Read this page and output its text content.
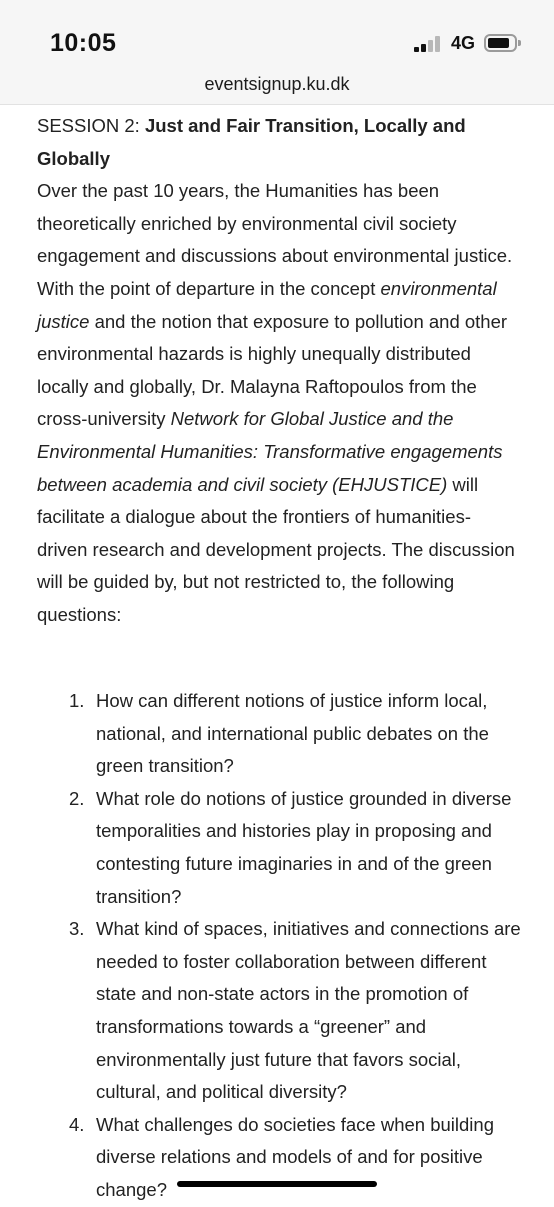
10:05	4G
eventsignup.ku.dk

SESSION 2: Just and Fair Transition, Locally and Globally

Over the past 10 years, the Humanities has been theoretically enriched by environmental civil society engagement and discussions about environmental justice. With the point of departure in the concept environmental justice and the notion that exposure to pollution and other environmental hazards is highly unequally distributed locally and globally, Dr. Malayna Raftopoulos from the cross-university Network for Global Justice and the Environmental Humanities: Transformative engagements between academia and civil society (EHJUSTICE) will facilitate a dialogue about the frontiers of humanities-driven research and development projects. The discussion will be guided by, but not restricted to, the following questions:

1. How can different notions of justice inform local, national, and international public debates on the green transition?
2. What role do notions of justice grounded in diverse temporalities and histories play in proposing and contesting future imaginaries in and of the green transition?
3. What kind of spaces, initiatives and connections are needed to foster collaboration between different state and non-state actors in the promotion of transformations towards a “greener” and environmentally just future that favors social, cultural, and political diversity?
4. What challenges do societies face when building diverse relations and models of and for positive change?
